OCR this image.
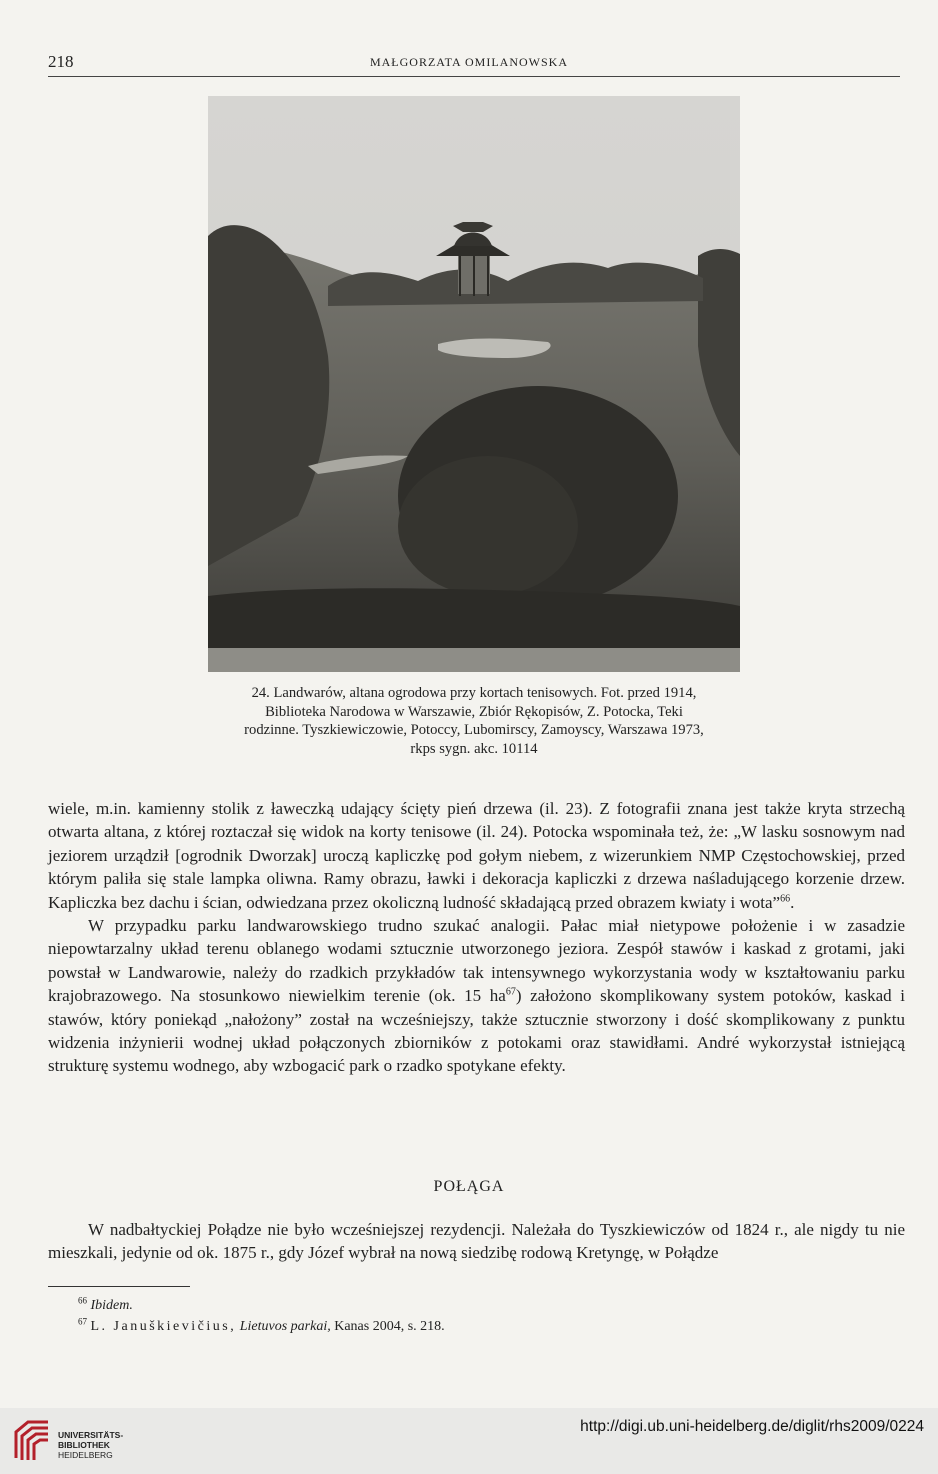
218	MAŁGORZATA OMILANOWSKA
24. Landwarów, altana ogrodowa przy kortach tenisowych. Fot. przed 1914,
Biblioteka Narodowa w Warszawie, Zbiór Rękopisów, Z. Potocka, Teki
rodzinne. Tyszkiewiczowie, Potoccy, Lubomirscy, Zamoyscy, Warszawa 1973,
rkps sygn. akc. 10114

wiele, m.in. kamienny stolik z ławeczką udający ścięty pień drzewa (il. 23). Z fotografii znana jest także kryta strzechą otwarta altana, z której roztaczał się widok na korty tenisowe (il. 24). Potocka wspominała też, że: „W lasku sosnowym nad jeziorem urządził [ogrodnik Dworzak] uroczą kapliczkę pod gołym niebem, z wizerunkiem NMP Częstochowskiej, przed którym paliła się stale lampka oliwna. Ramy obrazu, ławki i dekoracja kapliczki z drzewa naśladującego korzenie drzew. Kapliczka bez dachu i ścian, odwiedzana przez okoliczną ludność składającą przed obrazem kwiaty i wota”$^{66}$.

W przypadku parku landwarowskiego trudno szukać analogii. Pałac miał nietypowe położenie i w zasadzie niepowtarzalny układ terenu oblanego wodami sztucznie utworzonego jeziora. Zespół stawów i kaskad z grotami, jaki powstał w Landwarowie, należy do rzadkich przykładów tak intensywnego wykorzystania wody w kształtowaniu parku krajobrazowego. Na stosunkowo niewielkim terenie (ok. 15 $ha^{67}$) założono skomplikowany system potoków, kaskad i stawów, który poniekąd „nałożony” został na wcześniejszy, także sztucznie stworzony i dość skomplikowany z punktu widzenia inżynierii wodnej układ połączonych zbiorników z potokami oraz stawidłami. André wykorzystał istniejącą strukturę systemu wodnego, aby wzbogacić park o rzadko spotykane efekty.

POŁĄGA

W nadbałtyckiej Połądze nie było wcześniejszej rezydencji. Należała do Tyszkiewiczów od 1824 r., ale nigdy tu nie mieszkali, jedynie od ok. 1875 r., gdy Józef wybrał na nową siedzibę rodową Kretyngę, w Połądze

$^{66}$ Ibidem.
$^{67}$ L. Januškievičius, Lietuvos parkai, Kanas 2004, s. 218.
UNIVERSITÄTS-
BIBLIOTHEK
HEIDELBERG
http://digi.ub.uni-heidelberg.de/diglit/rhs2009/0224
